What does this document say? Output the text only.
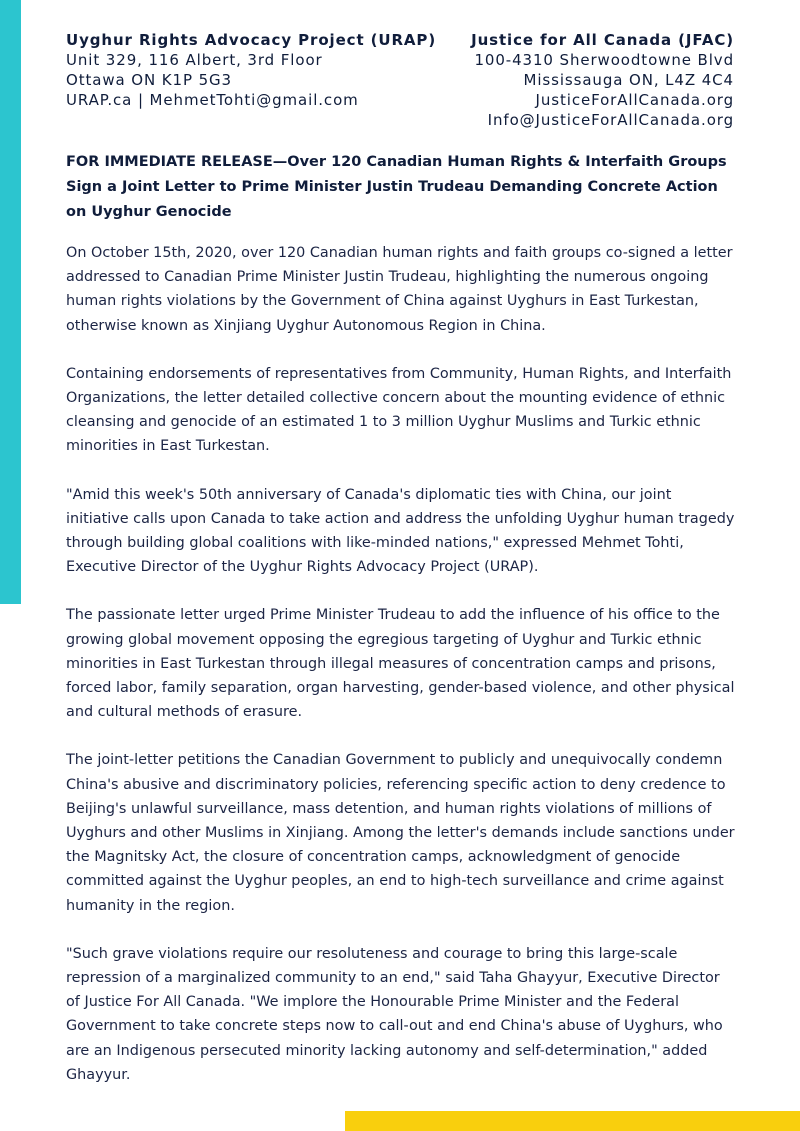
Uyghur Rights Advocacy Project (URAP)
Unit 329, 116 Albert, 3rd Floor
Ottawa ON K1P 5G3
URAP.ca | MehmetTohti@gmail.com
Justice for All Canada (JFAC)
100-4310 Sherwoodtowne Blvd
Mississauga ON, L4Z 4C4
JusticeForAllCanada.org
Info@JusticeForAllCanada.org
FOR IMMEDIATE RELEASE—Over 120 Canadian Human Rights & Interfaith Groups Sign a Joint Letter to Prime Minister Justin Trudeau Demanding Concrete Action on Uyghur Genocide

On October 15th, 2020, over 120 Canadian human rights and faith groups co-signed a letter addressed to Canadian Prime Minister Justin Trudeau, highlighting the numerous ongoing human rights violations by the Government of China against Uyghurs in East Turkestan, otherwise known as Xinjiang Uyghur Autonomous Region in China.

Containing endorsements of representatives from Community, Human Rights, and Interfaith Organizations, the letter detailed collective concern about the mounting evidence of ethnic cleansing and genocide of an estimated 1 to 3 million Uyghur Muslims and Turkic ethnic minorities in East Turkestan.

"Amid this week's 50th anniversary of Canada's diplomatic ties with China, our joint initiative calls upon Canada to take action and address the unfolding Uyghur human tragedy through building global coalitions with like-minded nations," expressed Mehmet Tohti, Executive Director of the Uyghur Rights Advocacy Project (URAP).

The passionate letter urged Prime Minister Trudeau to add the influence of his office to the growing global movement opposing the egregious targeting of Uyghur and Turkic ethnic minorities in East Turkestan through illegal measures of concentration camps and prisons, forced labor, family separation, organ harvesting, gender-based violence, and other physical and cultural methods of erasure.

The joint-letter petitions the Canadian Government to publicly and unequivocally condemn China's abusive and discriminatory policies, referencing specific action to deny credence to Beijing's unlawful surveillance, mass detention, and human rights violations of millions of Uyghurs and other Muslims in Xinjiang. Among the letter's demands include sanctions under the Magnitsky Act, the closure of concentration camps, acknowledgment of genocide committed against the Uyghur peoples, an end to high-tech surveillance and crime against humanity in the region.

"Such grave violations require our resoluteness and courage to bring this large-scale repression of a marginalized community to an end," said Taha Ghayyur, Executive Director of Justice For All Canada. "We implore the Honourable Prime Minister and the Federal Government to take concrete steps now to call-out and end China's abuse of Uyghurs, who are an Indigenous persecuted minority lacking autonomy and self-determination," added Ghayyur.
